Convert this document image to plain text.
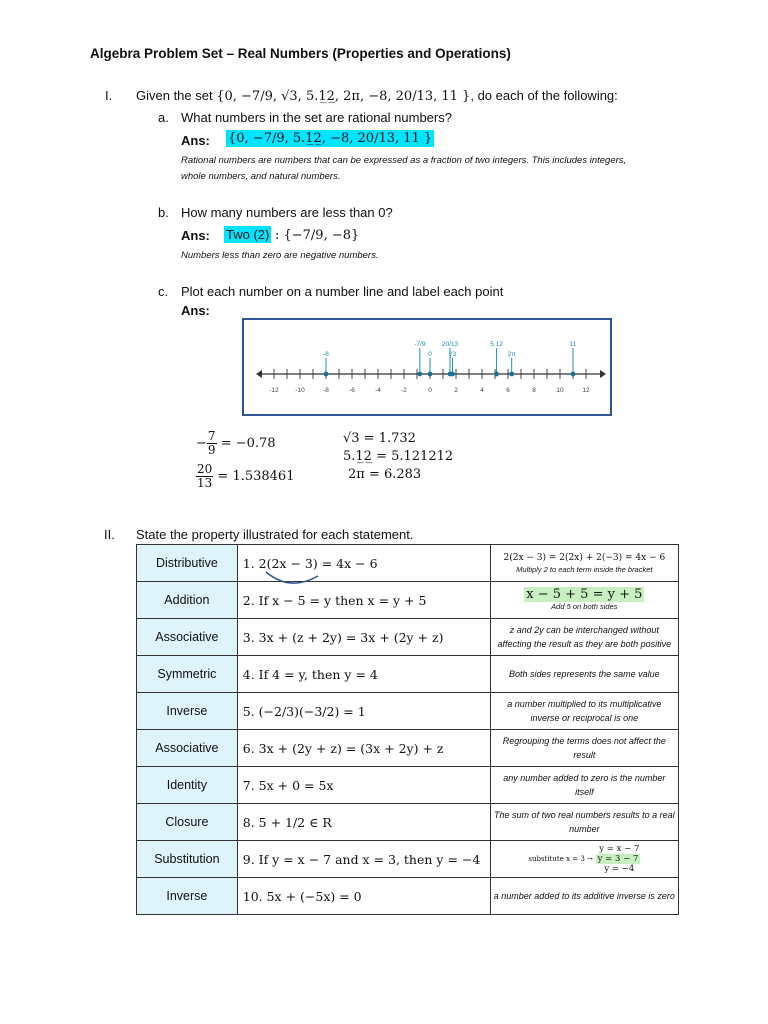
Algebra Problem Set – Real Numbers (Properties and Operations)
I. Given the set {0, −7/9, √3, 5.1̲2̲, 2π, −8, 20/13, 11 }, do each of the following:
a. What numbers in the set are rational numbers?
Ans: {0, −7/9, 5.1̲2̲, −8, 20/13, 11 }
Rational numbers are numbers that can be expressed as a fraction of two integers. This includes integers,
whole numbers, and natural numbers.
b. How many numbers are less than 0?
Ans: Two (2) : {−7/9, −8}
Numbers less than zero are negative numbers.
c. Plot each number on a number line and label each point
Ans:
-12	-10	-8	-6	-4	-2	0	2	4	6	8	10	12
-8
-7/9
0
20/13
√3
5.12
2π
11
− $\frac{7}{9} = -0.78$
$\frac{20}{13} = 1.538461$
√3 = 1.732
5.1̲2̲ = 5.121212
2π = 6.283
II. State the property illustrated for each statement.
Distributive	1. 2(2x − 3) = 4x − 6	2(2x − 3) = 2(2x) + 2(−3) = 4x − 6
Multiply 2 to each term inside the bracket

Addition	2. If x − 5 = y then x = y + 5	x − 5 + 5 = y + 5
Add 5 on both sides

Associative	3. 3x + (z + 2y) = 3x + (2y + z)	z and 2y can be interchanged without affecting the result as they are both positive
Symmetric	4. If 4 = y, then y = 4	Both sides represents the same value
Inverse	5. (−2/3)(−3/2) = 1	a number multiplied to its multiplicative inverse or reciprocal is one
Associative	6. 3x + (2y + z) = (3x + 2y) + z	Regrouping the terms does not affect the result
Identity	7. 5x + 0 = 5x	any number added to zero is the number itself
Closure	8. 5 + 1/2 ∈ R	The sum of two real numbers results to a real number
Substitution	9. If y = x − 7 and x = 3, then y = −4	y = x − 7
substitute x = 3 → y = 3 − 7
y = −4

Inverse	10. 5x + (−5x) = 0	a number added to its additive inverse is zero
